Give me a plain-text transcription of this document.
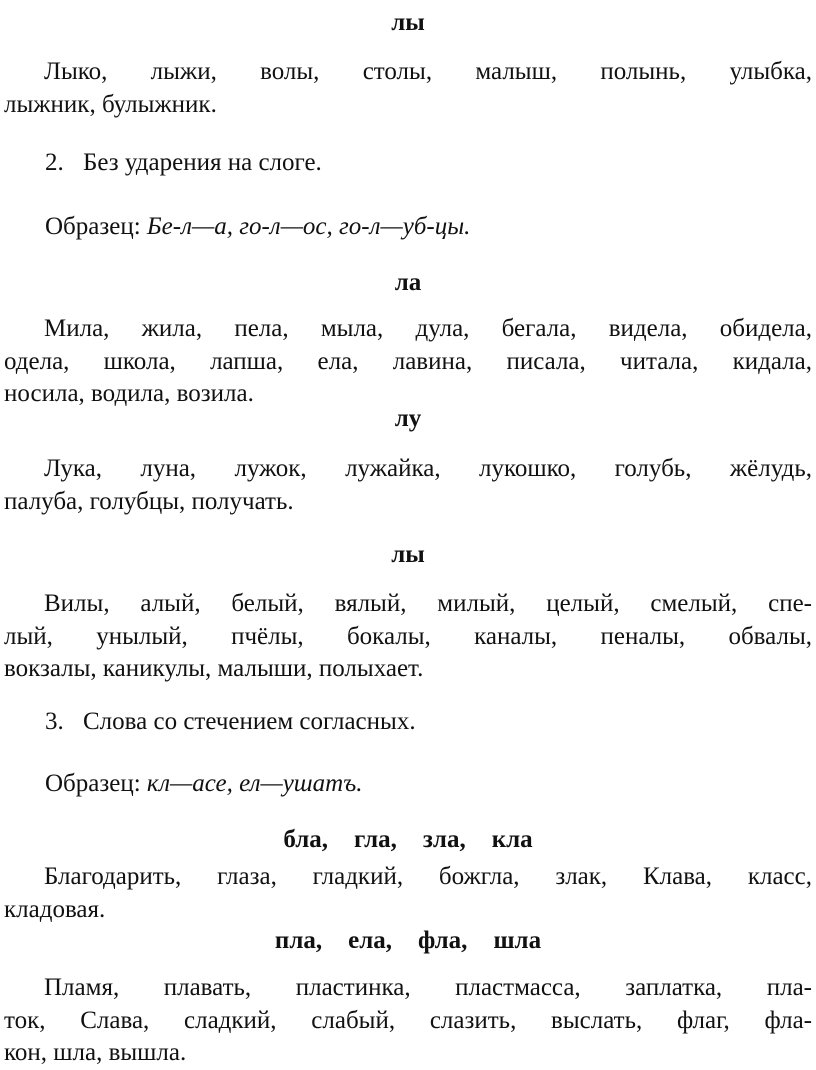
лы
Лыко, лыжи, волы, столы, малыш, полынь, улыбка,
лыжник, булыжник.
2. Без ударения на слоге.
Образец: Бе-л—а, го-л—ос, го-л—уб-цы.
ла
Мила, жила, пела, мыла, дула, бегала, видела, обидела,
одела, школа, лапша, ела, лавина, писала, читала, кидала,
носила, водила, возила.
лу
Лука, луна, лужок, лужайка, лукошко, голубь, жёлудь,
палуба, голубцы, получать.
лы
Вилы, алый, белый, вялый, милый, целый, смелый, спе-
лый, унылый, пчёлы, бокалы, каналы, пеналы, обвалы,
вокзалы, каникулы, малыши, полыхает.
3. Слова со стечением согласных.
Образец: кл—асе, ел—ушатъ.
бла, гла, зла, кла
Благодарить, глаза, гладкий, божгла, злак, Клава, класс,
кладовая.
пла, ела, фла, шла
Пламя, плавать, пластинка, пластмасса, заплатка, пла-
ток, Слава, сладкий, слабый, слазить, выслать, флаг, фла-
кон, шла, вышла.
